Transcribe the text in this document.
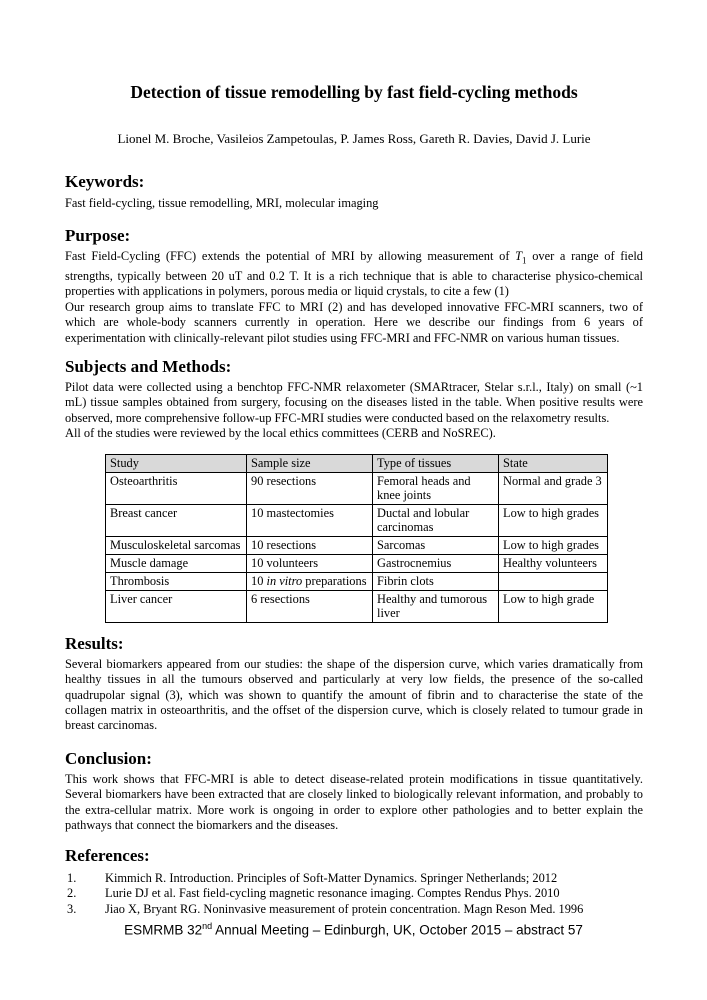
Detection of tissue remodelling by fast field-cycling methods
Lionel M. Broche, Vasileios Zampetoulas, P. James Ross, Gareth R. Davies, David J. Lurie
Keywords:

Fast field-cycling, tissue remodelling, MRI, molecular imaging

Purpose:

Fast Field-Cycling (FFC) extends the potential of MRI by allowing measurement of $T_1$ over a range of field strengths, typically between 20 uT and 0.2 T. It is a rich technique that is able to characterise physico-chemical properties with applications in polymers, porous media or liquid crystals, to cite a few (1)

Our research group aims to translate FFC to MRI (2) and has developed innovative FFC-MRI scanners, two of which are whole-body scanners currently in operation. Here we describe our findings from 6 years of experimentation with clinically-relevant pilot studies using FFC-MRI and FFC-NMR on various human tissues.

Subjects and Methods:

Pilot data were collected using a benchtop FFC-NMR relaxometer (SMARtracer, Stelar s.r.l., Italy) on small (~1 mL) tissue samples obtained from surgery, focusing on the diseases listed in the table. When positive results were observed, more comprehensive follow-up FFC-MRI studies were conducted based on the relaxometry results.

All of the studies were reviewed by the local ethics committees (CERB and NoSREC).

Study	Sample size	Type of tissues	State
Osteoarthritis	90 resections	Femoral heads and knee joints	Normal and grade 3
Breast cancer	10 mastectomies	Ductal and lobular carcinomas	Low to high grades
Musculoskeletal sarcomas	10 resections	Sarcomas	Low to high grades
Muscle damage	10 volunteers	Gastrocnemius	Healthy volunteers
Thrombosis	10 in vitro preparations	Fibrin clots	
Liver cancer	6 resections	Healthy and tumorous liver	Low to high grade
Results:

Several biomarkers appeared from our studies: the shape of the dispersion curve, which varies dramatically from healthy tissues in all the tumours observed and particularly at very low fields, the presence of the so-called quadrupolar signal (3), which was shown to quantify the amount of fibrin and to characterise the state of the collagen matrix in osteoarthritis, and the offset of the dispersion curve, which is closely related to tumour grade in breast carcinomas.

Conclusion:

This work shows that FFC-MRI is able to detect disease-related protein modifications in tissue quantitatively. Several biomarkers have been extracted that are closely linked to biologically relevant information, and probably to the extra-cellular matrix. More work is ongoing in order to explore other pathologies and to better explain the pathways that connect the biomarkers and the diseases.

References:
1.	Kimmich R. Introduction. Principles of Soft-Matter Dynamics. Springer Netherlands; 2012
2.	Lurie DJ et al. Fast field-cycling magnetic resonance imaging. Comptes Rendus Phys. 2010
3.	Jiao X, Bryant RG. Noninvasive measurement of protein concentration. Magn Reson Med. 1996
ESMRMB 32nd Annual Meeting – Edinburgh, UK, October 2015 – abstract 57
